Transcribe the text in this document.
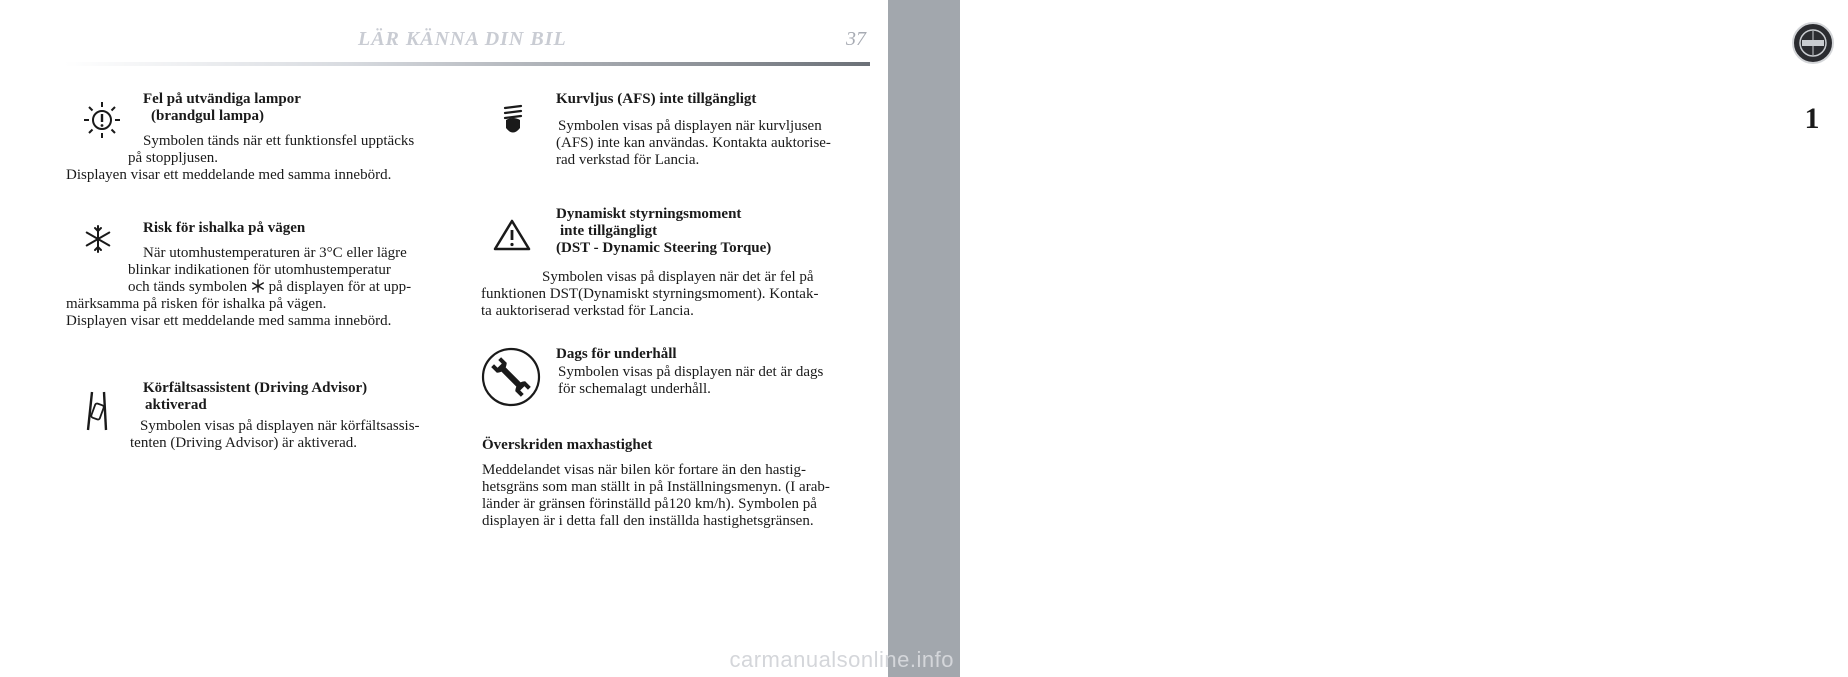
LÄR KÄNNA DIN BIL	37
1
Fel på utvändiga lampor
(brandgul lampa)
Symbolen tänds när ett funktionsfel upptäcks
på stoppljusen.
Displayen visar ett meddelande med samma innebörd.
Risk för ishalka på vägen
När utomhustemperaturen är 3°C eller lägre
blinkar indikationen för utomhustemperatur
och tänds symbolen på displayen för at upp-
märksamma på risken för ishalka på vägen.
Displayen visar ett meddelande med samma innebörd.
Körfältsassistent (Driving Advisor)
aktiverad
Symbolen visas på displayen när körfältsassis-
tenten (Driving Advisor) är aktiverad.
Kurvljus (AFS) inte tillgängligt
Symbolen visas på displayen när kurvljusen
(AFS) inte kan användas. Kontakta auktorise-
rad verkstad för Lancia.
Dynamiskt styrningsmoment
inte tillgängligt
(DST - Dynamic Steering Torque)
Symbolen visas på displayen när det är fel på
funktionen DST(Dynamiskt styrningsmoment). Kontak-
ta auktoriserad verkstad för Lancia.
Dags för underhåll
Symbolen visas på displayen när det är dags
för schemalagt underhåll.
Överskriden maxhastighet
Meddelandet visas när bilen kör fortare än den hastig-
hetsgräns som man ställt in på Inställningsmenyn. (I arab-
länder är gränsen förinställd på120 km/h). Symbolen på
displayen är i detta fall den inställda hastighetsgränsen.
carmanualsonline.info
